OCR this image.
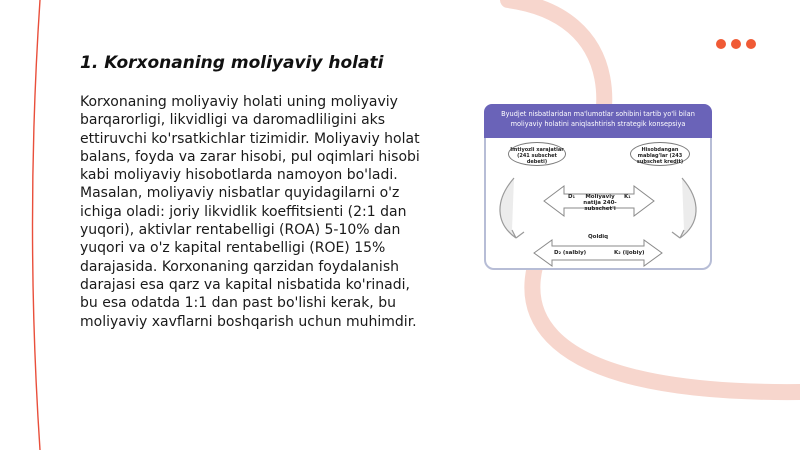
1. Korxonaning moliyaviy holati

Korxonaning moliyaviy holati uning moliyaviy barqarorligi, likvidligi va daromadliligini aks ettiruvchi ko'rsatkichlar tizimidir. Moliyaviy holat balans, foyda va zarar hisobi, pul oqimlari hisobi kabi moliyaviy hisobotlarda namoyon bo'ladi. Masalan, moliyaviy nisbatlar quyidagilarni o'z ichiga oladi: joriy likvidlik koeffitsienti (2:1 dan yuqori), aktivlar rentabelligi (ROA) 5-10% dan yuqori va o'z kapital rentabelligi (ROE) 15% darajasida. Korxonaning qarzidan foydalanish darajasi esa qarz va kapital nisbatida ko'rinadi, bu esa odatda 1:1 dan past bo'lishi kerak, bu moliyaviy xavflarni boshqarish uchun muhimdir.

Byudjet nisbatlaridan ma'lumotlar sohibini tartib yo'li bilan moliyaviy holatini aniqlashtirish strategik konsepsiya
Imtiyozli xarajatlar (241 subschet debeti)
Hisobdangan mablag'lar (243 subschet kredit)
D₁	Moliyaviy natija 240- subschet'i
K₁
Qoldiq
D₂ (salbiy)	K₂ (ijobiy)
